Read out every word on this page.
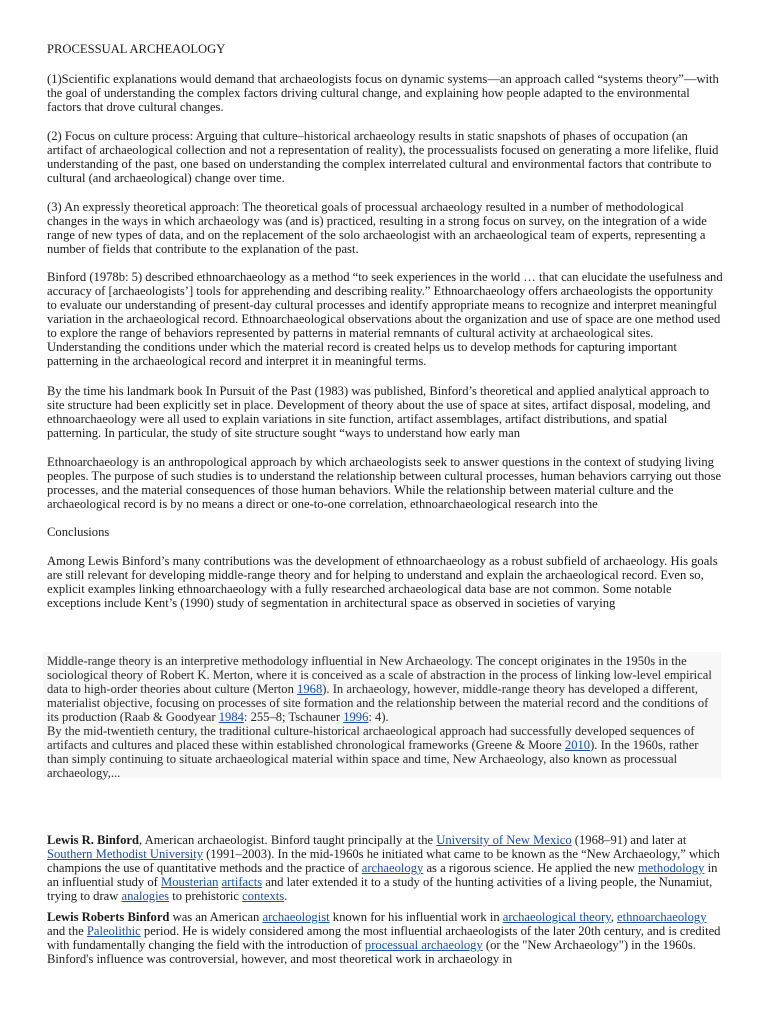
PROCESSUAL ARCHEAOLOGY

(1)Scientific explanations would demand that archaeologists focus on dynamic systems—an approach called “systems theory”—with the goal of understanding the complex factors driving cultural change, and explaining how people adapted to the environmental factors that drove cultural changes.

(2) Focus on culture process: Arguing that culture–historical archaeology results in static snapshots of phases of occupation (an artifact of archaeological collection and not a representation of reality), the processualists focused on generating a more lifelike, fluid understanding of the past, one based on understanding the complex interrelated cultural and environmental factors that contribute to cultural (and archaeological) change over time.

(3) An expressly theoretical approach: The theoretical goals of processual archaeology resulted in a number of methodological changes in the ways in which archaeology was (and is) practiced, resulting in a strong focus on survey, on the integration of a wide range of new types of data, and on the replacement of the solo archaeologist with an archaeological team of experts, representing a number of fields that contribute to the explanation of the past.

Binford (1978b: 5) described ethnoarchaeology as a method “to seek experiences in the world … that can elucidate the usefulness and accuracy of [archaeologists’] tools for apprehending and describing reality.” Ethnoarchaeology offers archaeologists the opportunity to evaluate our understanding of present-day cultural processes and identify appropriate means to recognize and interpret meaningful variation in the archaeological record. Ethnoarchaeological observations about the organization and use of space are one method used to explore the range of behaviors represented by patterns in material remnants of cultural activity at archaeological sites. Understanding the conditions under which the material record is created helps us to develop methods for capturing important patterning in the archaeological record and interpret it in meaningful terms.

By the time his landmark book In Pursuit of the Past (1983) was published, Binford’s theoretical and applied analytical approach to site structure had been explicitly set in place. Development of theory about the use of space at sites, artifact disposal, modeling, and ethnoarchaeology were all used to explain variations in site function, artifact assemblages, artifact distributions, and spatial patterning. In particular, the study of site structure sought “ways to understand how early man

Ethnoarchaeology is an anthropological approach by which archaeologists seek to answer questions in the context of studying living peoples. The purpose of such studies is to understand the relationship between cultural processes, human behaviors carrying out those processes, and the material consequences of those human behaviors. While the relationship between material culture and the archaeological record is by no means a direct or one-to-one correlation, ethnoarchaeological research into the

Conclusions

Among Lewis Binford’s many contributions was the development of ethnoarchaeology as a robust subfield of archaeology. His goals are still relevant for developing middle-range theory and for helping to understand and explain the archaeological record. Even so, explicit examples linking ethnoarchaeology with a fully researched archaeological data base are not common. Some notable exceptions include Kent’s (1990) study of segmentation in architectural space as observed in societies of varying

Middle-range theory is an interpretive methodology influential in New Archaeology. The concept originates in the 1950s in the sociological theory of Robert K. Merton, where it is conceived as a scale of abstraction in the process of linking low-level empirical data to high-order theories about culture (Merton 1968). In archaeology, however, middle-range theory has developed a different, materialist objective, focusing on processes of site formation and the relationship between the material record and the conditions of its production (Raab & Goodyear 1984: 255–8; Tschauner 1996: 4).

By the mid-twentieth century, the traditional culture-historical archaeological approach had successfully developed sequences of artifacts and cultures and placed these within established chronological frameworks (Greene & Moore 2010). In the 1960s, rather than simply continuing to situate archaeological material within space and time, New Archaeology, also known as processual archaeology,...

Lewis R. Binford, American archaeologist. Binford taught principally at the University of New Mexico (1968–91) and later at Southern Methodist University (1991–2003). In the mid-1960s he initiated what came to be known as the “New Archaeology,” which champions the use of quantitative methods and the practice of archaeology as a rigorous science. He applied the new methodology in an influential study of Mousterian artifacts and later extended it to a study of the hunting activities of a living people, the Nunamiut, trying to draw analogies to prehistoric contexts.

Lewis Roberts Binford was an American archaeologist known for his influential work in archaeological theory, ethnoarchaeology and the Paleolithic period. He is widely considered among the most influential archaeologists of the later 20th century, and is credited with fundamentally changing the field with the introduction of processual archaeology (or the "New Archaeology") in the 1960s. Binford's influence was controversial, however, and most theoretical work in archaeology in
